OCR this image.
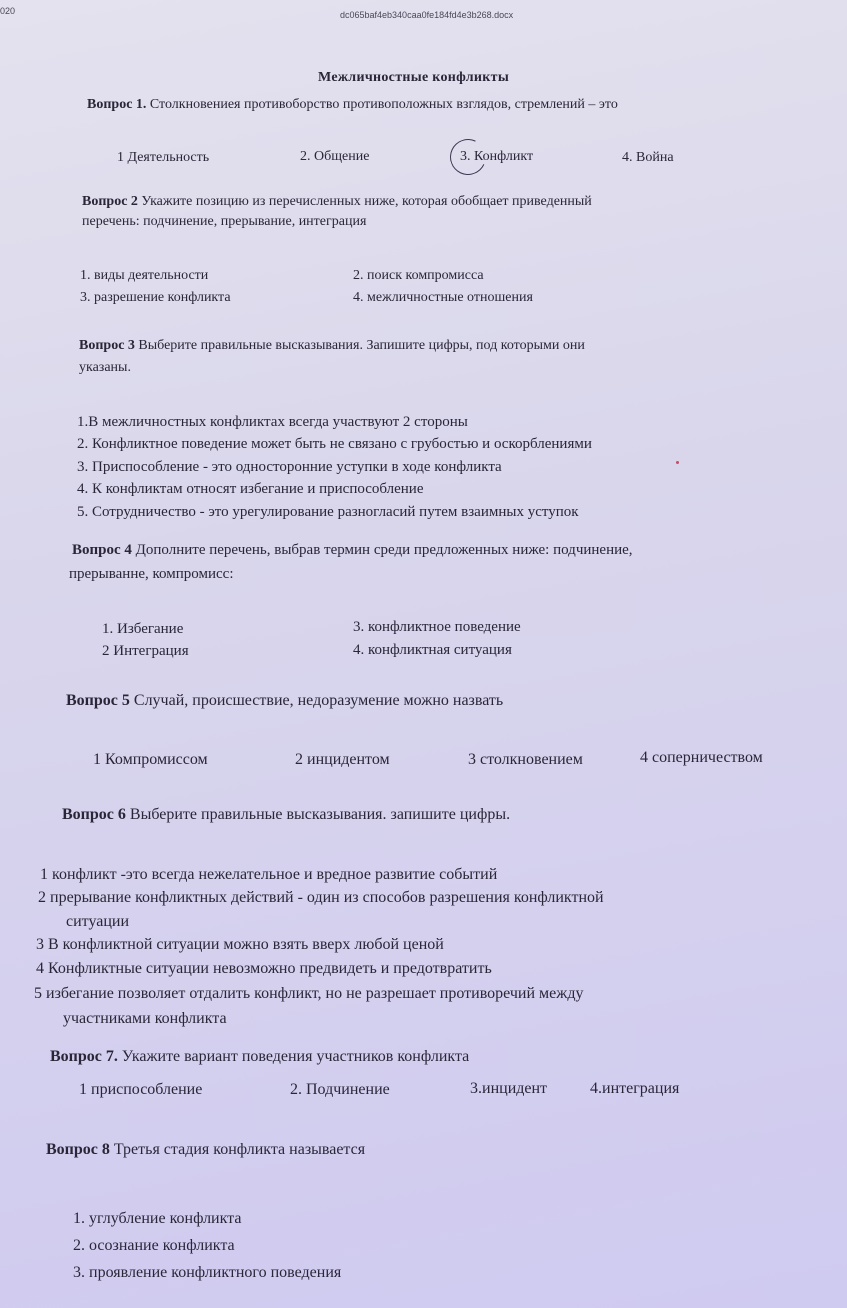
020	dc065baf4eb340caa0fe184fd4e3b268.docx
Межличностные конфликты
Вопрос 1. Столкновениея противоборство противоположных взглядов, стремлений – это
1 Деятельность	2. Общение	3. Конфликт	4. Война
Вопрос 2 Укажите позицию из перечисленных ниже, которая обобщает приведенный
перечень: подчинение, прерывание, интеграция
1. виды деятельности	2. поиск компромисса
3. разрешение конфликта	4. межличностные отношения
Вопрос 3 Выберите правильные высказывания. Запишите цифры, под которыми они
указаны.
1.В межличностных конфликтах всегда участвуют 2 стороны
2. Конфликтное поведение может быть не связано с грубостью и оскорблениями
3. Приспособление - это односторонние уступки в ходе конфликта
4. К конфликтам относят избегание и приспособление
5. Сотрудничество - это урегулирование разногласий путем взаимных уступок
Вопрос 4 Дополните перечень, выбрав термин среди предложенных ниже: подчинение,
прерыванне, компромисс:
1. Избегание	3. конфликтное поведение
2 Интеграция	4. конфликтная ситуация
Вопрос 5 Случай, происшествие, недоразумение можно назвать
1 Компромиссом	2 инцидентом	3 столкновением	4 соперничеством
Вопрос 6 Выберите правильные высказывания. запишите цифры.
1 конфликт -это всегда нежелательное и вредное развитие событий
2 прерывание конфликтных действий - один из способов разрешения конфликтной
ситуации
3 В конфликтной ситуации можно взять вверх любой ценой
4 Конфликтные ситуации невозможно предвидеть и предотвратить
5 избегание позволяет отдалить конфликт, но не разрешает противоречий между
участниками конфликта
Вопрос 7. Укажите вариант поведения участников конфликта
1 приспособление	2. Подчинение	3.инцидент	4.интеграция
Вопрос 8 Третья стадия конфликта называется
1. углубление конфликта
2. осознание конфликта
3. проявление конфликтного поведения
